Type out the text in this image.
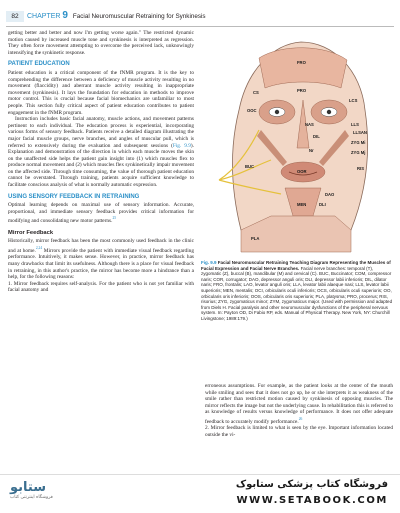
82	CHAPTER 9 Facial Neuromuscular Retraining for Synkinesis

getting better and better and now I'm getting worse again." The restricted dynamic motion caused by increased muscle tone and synkinesis is interpreted as regression. They often force movement attempting to overcome the perceived lack, unknowingly intensifying the synkinetic response.

PATIENT EDUCATION

Patient education is a critical component of the fNMR program. It is the key to comprehending the difference between a deficiency of muscle activity resulting in no movement (flaccidity) and aberrant muscle activity resulting in inappropriate movement (synkinesis). It lays the foundation for education in methods to improve motor control. This is crucial because facial biomechanics are unfamiliar to most people. This section fully critical aspect of patient education contributes to patient engagement in the fNMR program.

Instruction includes basic facial anatomy, muscle actions, and movement patterns pertinent to each individual. The education process is experiential, incorporating various forms of sensory feedback. Patients receive a detailed diagram illustrating the major facial muscle groups, nerve branches, and angles of muscular pull, which is referred to extensively during the evaluation and subsequent sessions (Fig. 9.9). Explanation and demonstration of the direction in which each muscle moves the skin on the unaffected side helps the patient gain insight into (1) which muscles flex to produce normal movement and (2) which muscles flex synkinetically impair movement on the affected side. Through time consuming, the value of thorough patient education cannot be overstated. Through training, patients acquire sufficient knowledge to facilitate conscious analysis of what is normally automatic expression.

USING SENSORY FEEDBACK IN RETRAINING

Optimal learning depends on maximal use of sensory information. Accurate, proportional, and immediate sensory feedback provides critical information for modifying and consolidating new motor patterns.$^{25}$

Mirror Feedback

Historically, mirror feedback has been the most commonly used feedback in the clinic and at home.$^{2,24}$ Mirrors provide the patient with immediate visual feedback regarding performance. Intuitively, it makes sense. However, in practice, mirror feedback has many drawbacks that limit its usefulness. Although there is a place for visual feedback in retraining, in this author's practice, the mirror has become more a hindrance than a help, for the following reasons:

1. Mirror feedback requires self-analysis. For the patient who is not yet familiar with facial anatomy and

FRO
CS
DIL
LCS
LLS
LLSAN
ZYG Mi
ZYG Mj
RIS
BUC
OOR
DAO
DLI
MEN
PLA
OOC
PRO
NAS
Nr
Fig. 9.9 Facial Neuromuscular Retraining Teaching Diagram Representing the Muscles of Facial Expression and Facial Nerve Branches. Facial nerve branches: temporal (T), zygomatic (Z), buccal (B), mandibular (M) and cervical (C). BUC, Buccinator; COM, compressor naris; COR, corrugator; DAO, depressor anguli oris; DLI, depressor labii inferioris; DIL, dilator naris; FRO, frontalis; LAO, levator anguli oris; LLA, levator labii alaeque nasi; LLS, levator labii superioris; MEN, mentalis; OCI, orbicularis oculi inferioris; OCS, orbicularis oculi superioris; OO, orbicularis oris inferioris; OOS, orbicularis oris superioris; PLA, platysma; PRO, procerus; RIS, risorius; ZYG, zygomaticus minor; ZYM, zygomaticus major. (Used with permission and adapted from Diels H. Facial paralysis and other neuromuscular dysfunctions of the peripheral nervous system. In: Payton OD, Di Fabio RP, eds. Manual of Physical Therapy. New York, NY: Churchill Livingstone; 1989:179.)

erroneous assumptions. For example, as the patient looks at the center of the mouth while smiling and sees that it does not go up, he or she interprets it as weakness of the smile rather than restricted motion caused by synkinesis of opposing muscles. The mirror reflects the image but not the underlying cause. In rehabilitation this is referred to as knowledge of results versus knowledge of performance. It does not offer adequate feedback to accurately modify performance.$^{26}$

2. Mirror feedback is limited to what is seen by the eye. Important information located outside the vi-

ستابو
فروشگاه اینترنتی کتاب
فروشگاه کتاب پزشکی ستابوک
WWW.SETABOOK.COM
